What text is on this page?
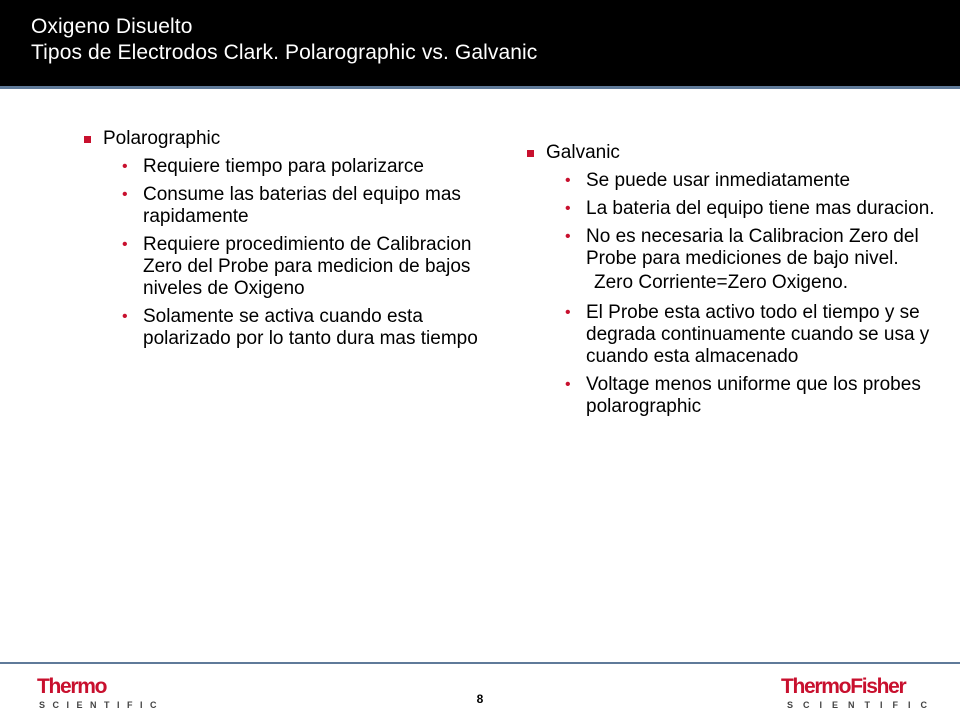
Oxigeno Disuelto
Tipos de Electrodos Clark. Polarographic vs. Galvanic
Polarographic
• Requiere tiempo para polarizarce
• Consume las baterias del equipo mas rapidamente
• Requiere procedimiento de Calibracion Zero del Probe para medicion de bajos niveles de Oxigeno
• Solamente se activa cuando esta polarizado por lo tanto dura mas tiempo
Galvanic
• Se puede usar inmediatamente
• La bateria del equipo tiene mas duracion.
• No es necesaria la Calibracion Zero del Probe para mediciones de bajo nivel.
Zero Corriente=Zero Oxigeno.
• El Probe esta activo todo el tiempo y se degrada continuamente cuando se usa y cuando esta almacenado
• Voltage menos uniforme que los probes polarographic
Thermo
SCIENTIFIC	8
ThermoFisher
SCIENTIFIC
